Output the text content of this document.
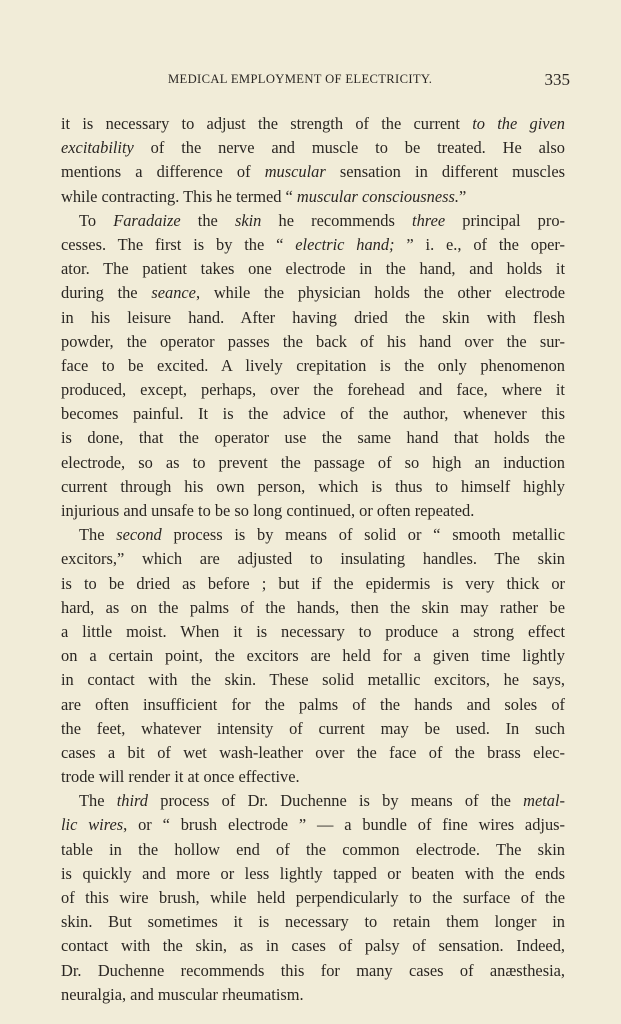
MEDICAL EMPLOYMENT OF ELECTRICITY.	335
it is necessary to adjust the strength of the current to the given
excitability of the nerve and muscle to be treated. He also
mentions a difference of muscular sensation in different muscles
while contracting. This he termed “ muscular consciousness.”
To Faradaize the skin he recommends three principal pro-
cesses. The first is by the “ electric hand; ” i. e., of the oper-
ator. The patient takes one electrode in the hand, and holds it
during the seance, while the physician holds the other electrode
in his leisure hand. After having dried the skin with flesh
powder, the operator passes the back of his hand over the sur-
face to be excited. A lively crepitation is the only phenomenon
produced, except, perhaps, over the forehead and face, where it
becomes painful. It is the advice of the author, whenever this
is done, that the operator use the same hand that holds the
electrode, so as to prevent the passage of so high an induction
current through his own person, which is thus to himself highly
injurious and unsafe to be so long continued, or often repeated.
The second process is by means of solid or “ smooth metallic
excitors,” which are adjusted to insulating handles. The skin
is to be dried as before ; but if the epidermis is very thick or
hard, as on the palms of the hands, then the skin may rather be
a little moist. When it is necessary to produce a strong effect
on a certain point, the excitors are held for a given time lightly
in contact with the skin. These solid metallic excitors, he says,
are often insufficient for the palms of the hands and soles of
the feet, whatever intensity of current may be used. In such
cases a bit of wet wash-leather over the face of the brass elec-
trode will render it at once effective.
The third process of Dr. Duchenne is by means of the metal-
lic wires, or “ brush electrode ” — a bundle of fine wires adjus-
table in the hollow end of the common electrode. The skin
is quickly and more or less lightly tapped or beaten with the ends
of this wire brush, while held perpendicularly to the surface of the
skin. But sometimes it is necessary to retain them longer in
contact with the skin, as in cases of palsy of sensation. Indeed,
Dr. Duchenne recommends this for many cases of anæsthesia,
neuralgia, and muscular rheumatism.
